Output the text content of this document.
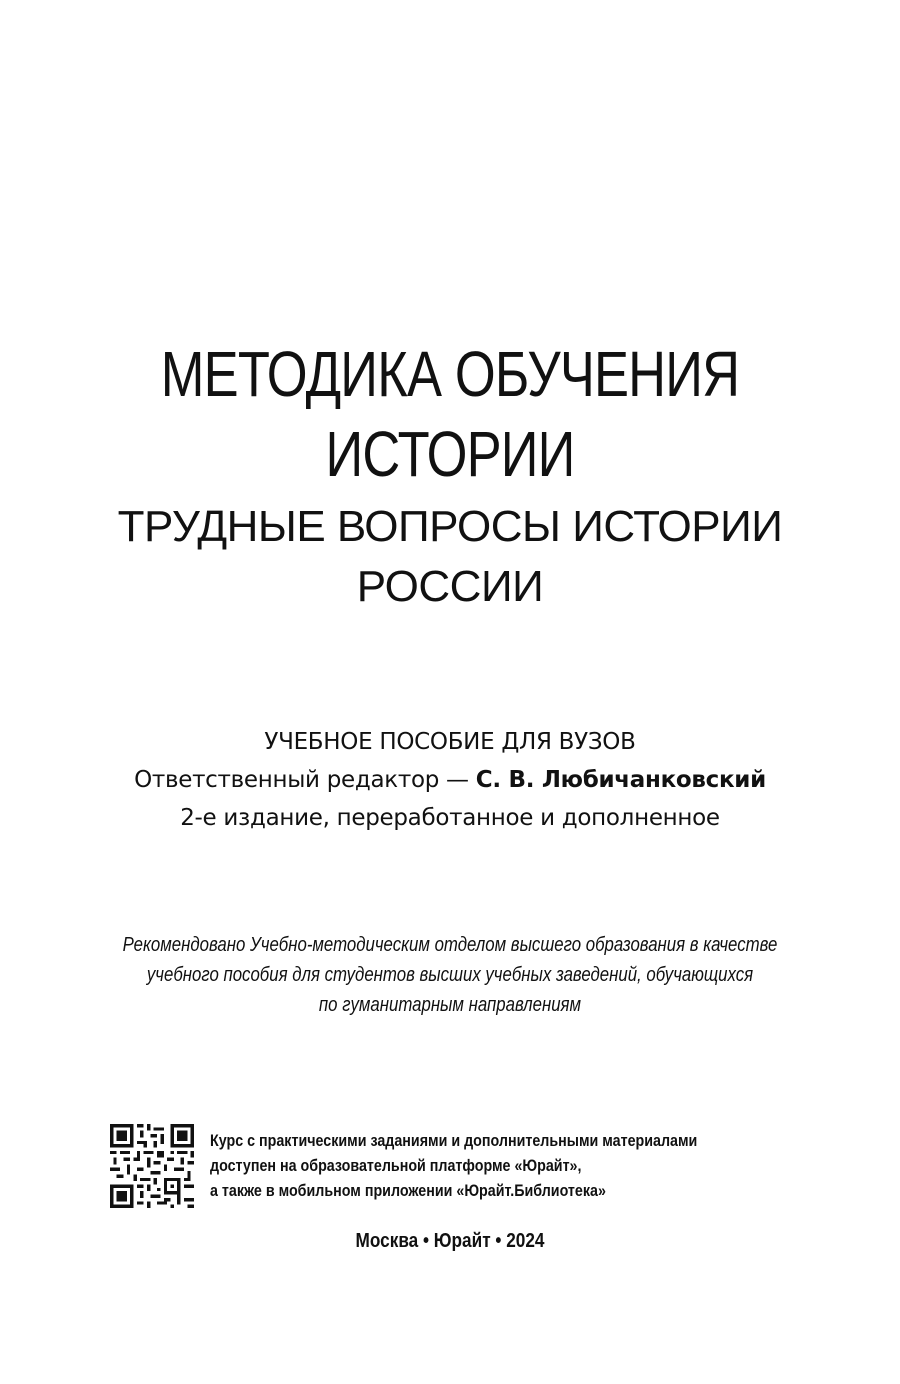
МЕТОДИКА ОБУЧЕНИЯ
ИСТОРИИ
ТРУДНЫЕ ВОПРОСЫ ИСТОРИИ
РОССИИ
УЧЕБНОЕ ПОСОБИЕ ДЛЯ ВУЗОВ
Ответственный редактор — С. В. Любичанковский
2-е издание, переработанное и дополненное
Рекомендовано Учебно-методическим отделом высшего образования в качестве
учебного пособия для студентов высших учебных заведений, обучающихся
по гуманитарным направлениям
Курс с практическими заданиями и дополнительными материалами
доступен на образовательной платформе «Юрайт»,
а также в мобильном приложении «Юрайт.Библиотека»
Москва • Юрайт • 2024
